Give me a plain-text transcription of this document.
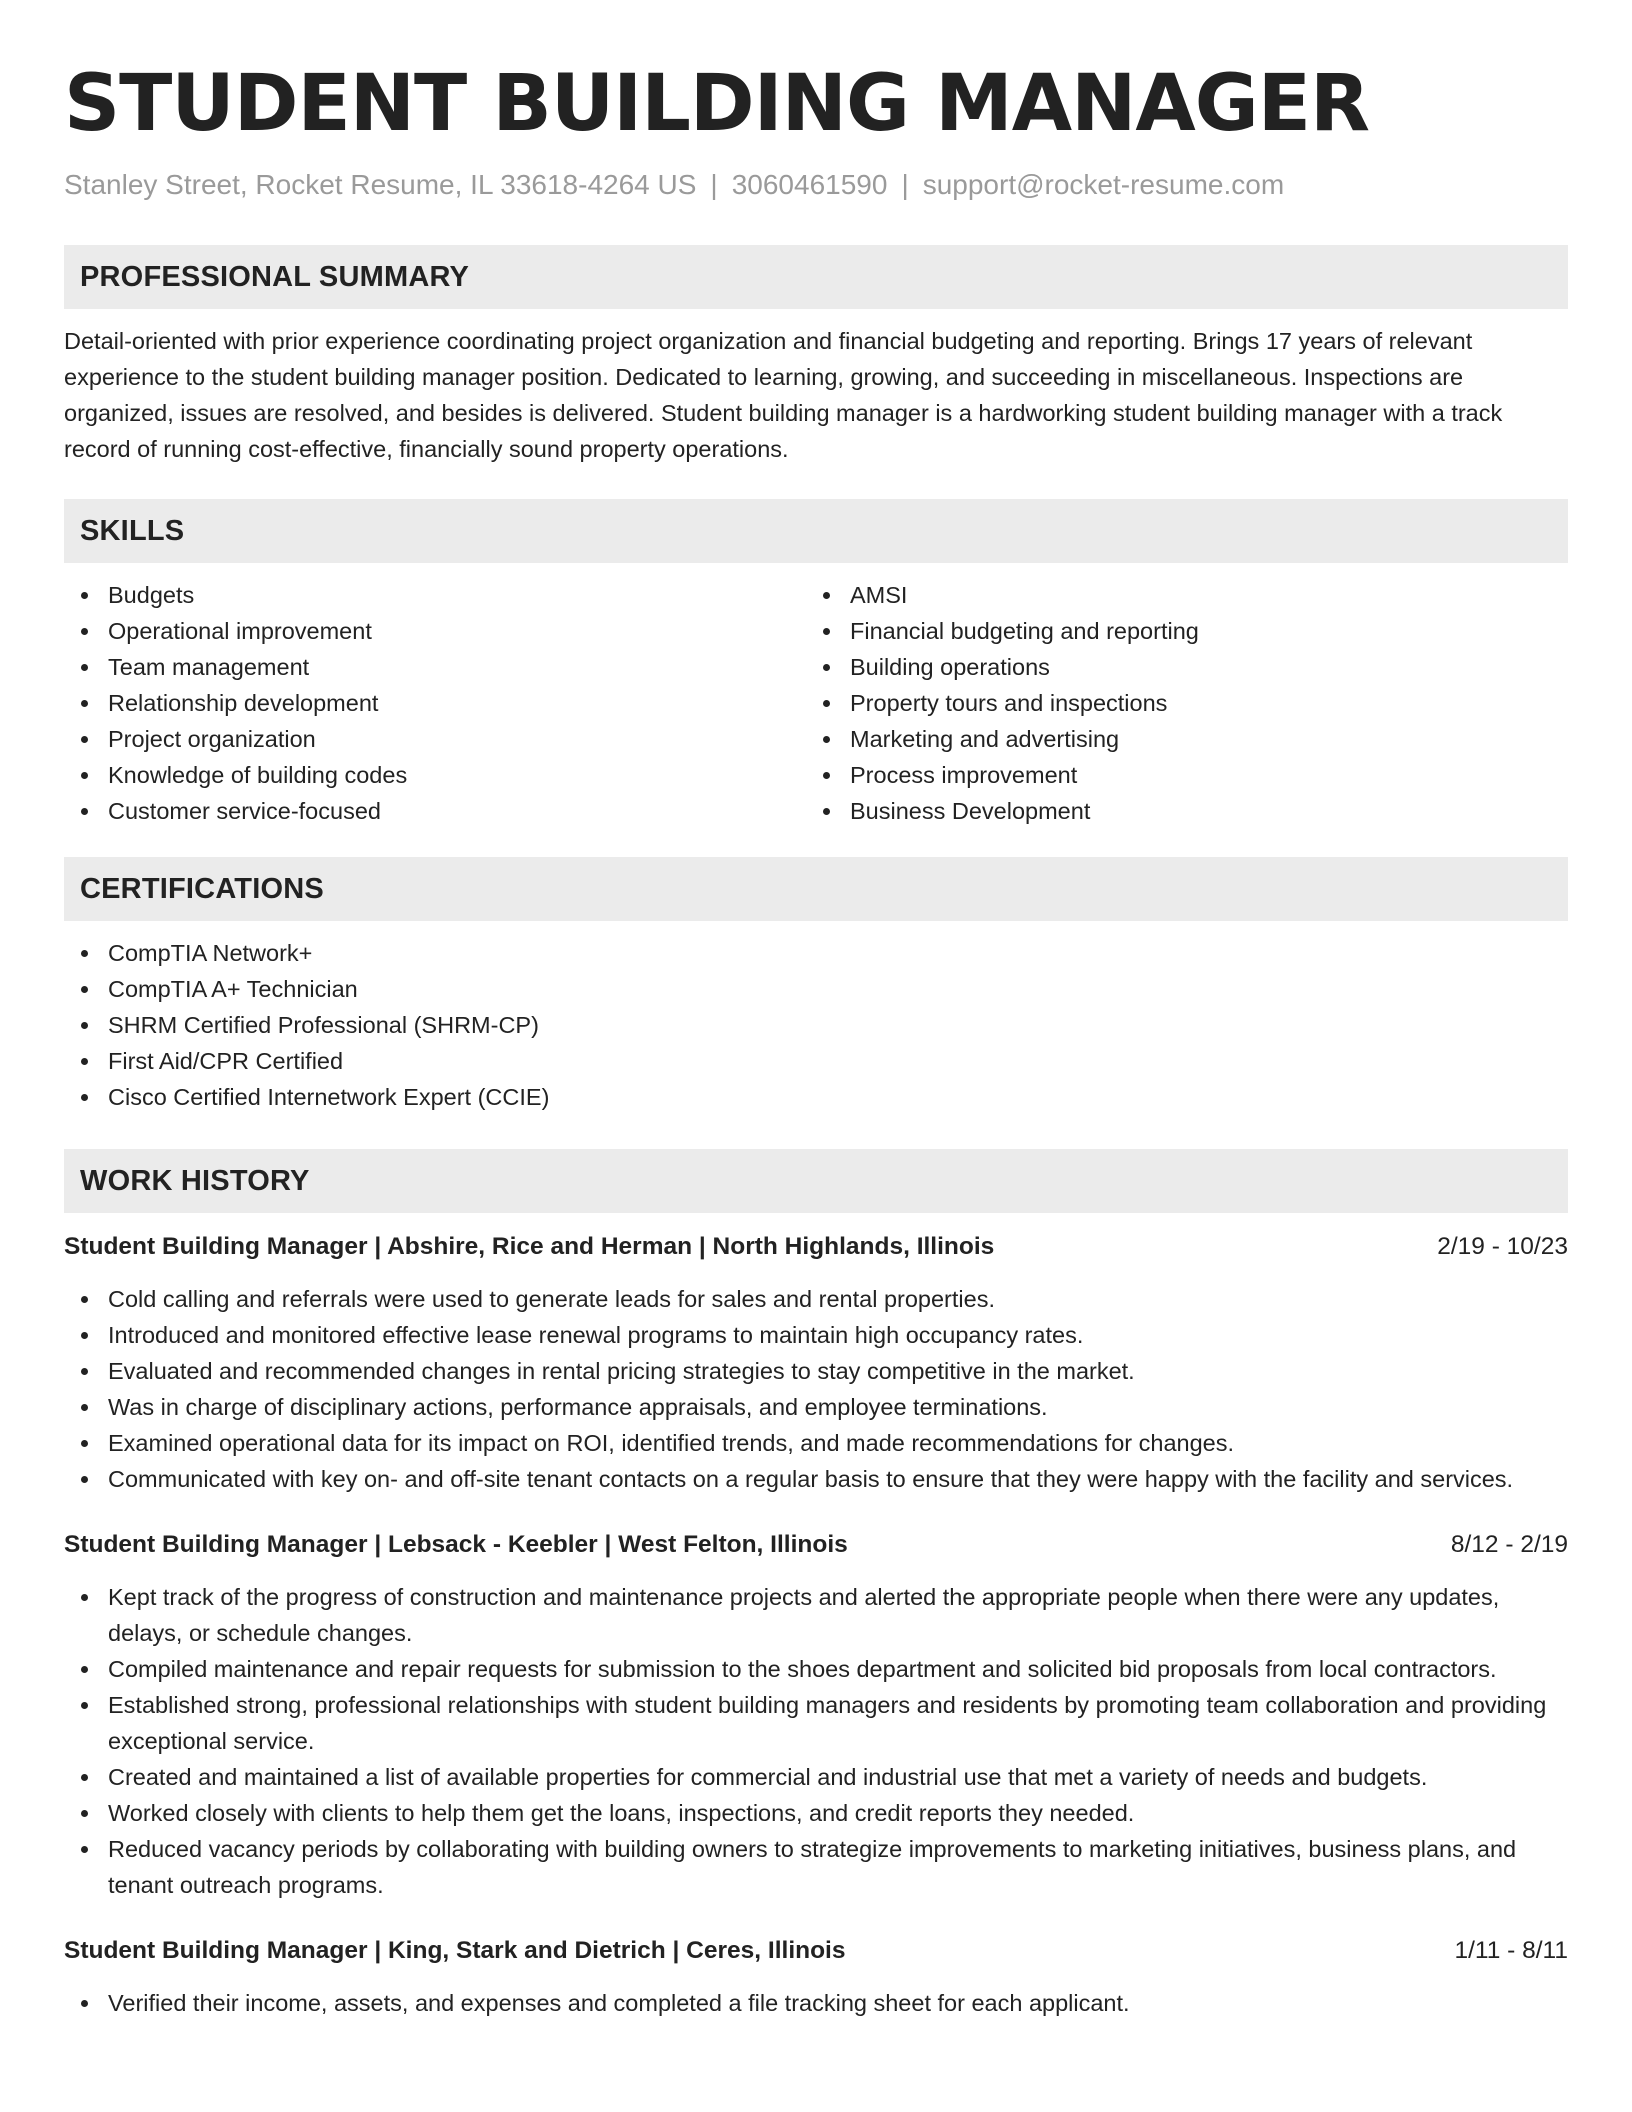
STUDENT BUILDING MANAGER
Stanley Street, Rocket Resume, IL 33618-4264 US | 3060461590 | support@rocket-resume.com
PROFESSIONAL SUMMARY

Detail-oriented with prior experience coordinating project organization and financial budgeting and reporting. Brings 17 years of relevant experience to the student building manager position. Dedicated to learning, growing, and succeeding in miscellaneous. Inspections are organized, issues are resolved, and besides is delivered. Student building manager is a hardworking student building manager with a track record of running cost-effective, financially sound property operations.

SKILLS
Budgets
Operational improvement
Team management
Relationship development
Project organization
Knowledge of building codes
Customer service-focused
AMSI
Financial budgeting and reporting
Building operations
Property tours and inspections
Marketing and advertising
Process improvement
Business Development
CERTIFICATIONS
CompTIA Network+
CompTIA A+ Technician
SHRM Certified Professional (SHRM-CP)
First Aid/CPR Certified
Cisco Certified Internetwork Expert (CCIE)
WORK HISTORY
Student Building Manager | Abshire, Rice and Herman | North Highlands, Illinois	2/19 - 10/23
Cold calling and referrals were used to generate leads for sales and rental properties.
Introduced and monitored effective lease renewal programs to maintain high occupancy rates.
Evaluated and recommended changes in rental pricing strategies to stay competitive in the market.
Was in charge of disciplinary actions, performance appraisals, and employee terminations.
Examined operational data for its impact on ROI, identified trends, and made recommendations for changes.
Communicated with key on- and off-site tenant contacts on a regular basis to ensure that they were happy with the facility and services.
Student Building Manager | Lebsack - Keebler | West Felton, Illinois	8/12 - 2/19
Kept track of the progress of construction and maintenance projects and alerted the appropriate people when there were any updates, delays, or schedule changes.
Compiled maintenance and repair requests for submission to the shoes department and solicited bid proposals from local contractors.
Established strong, professional relationships with student building managers and residents by promoting team collaboration and providing exceptional service.
Created and maintained a list of available properties for commercial and industrial use that met a variety of needs and budgets.
Worked closely with clients to help them get the loans, inspections, and credit reports they needed.
Reduced vacancy periods by collaborating with building owners to strategize improvements to marketing initiatives, business plans, and tenant outreach programs.
Student Building Manager | King, Stark and Dietrich | Ceres, Illinois	1/11 - 8/11
Verified their income, assets, and expenses and completed a file tracking sheet for each applicant.
